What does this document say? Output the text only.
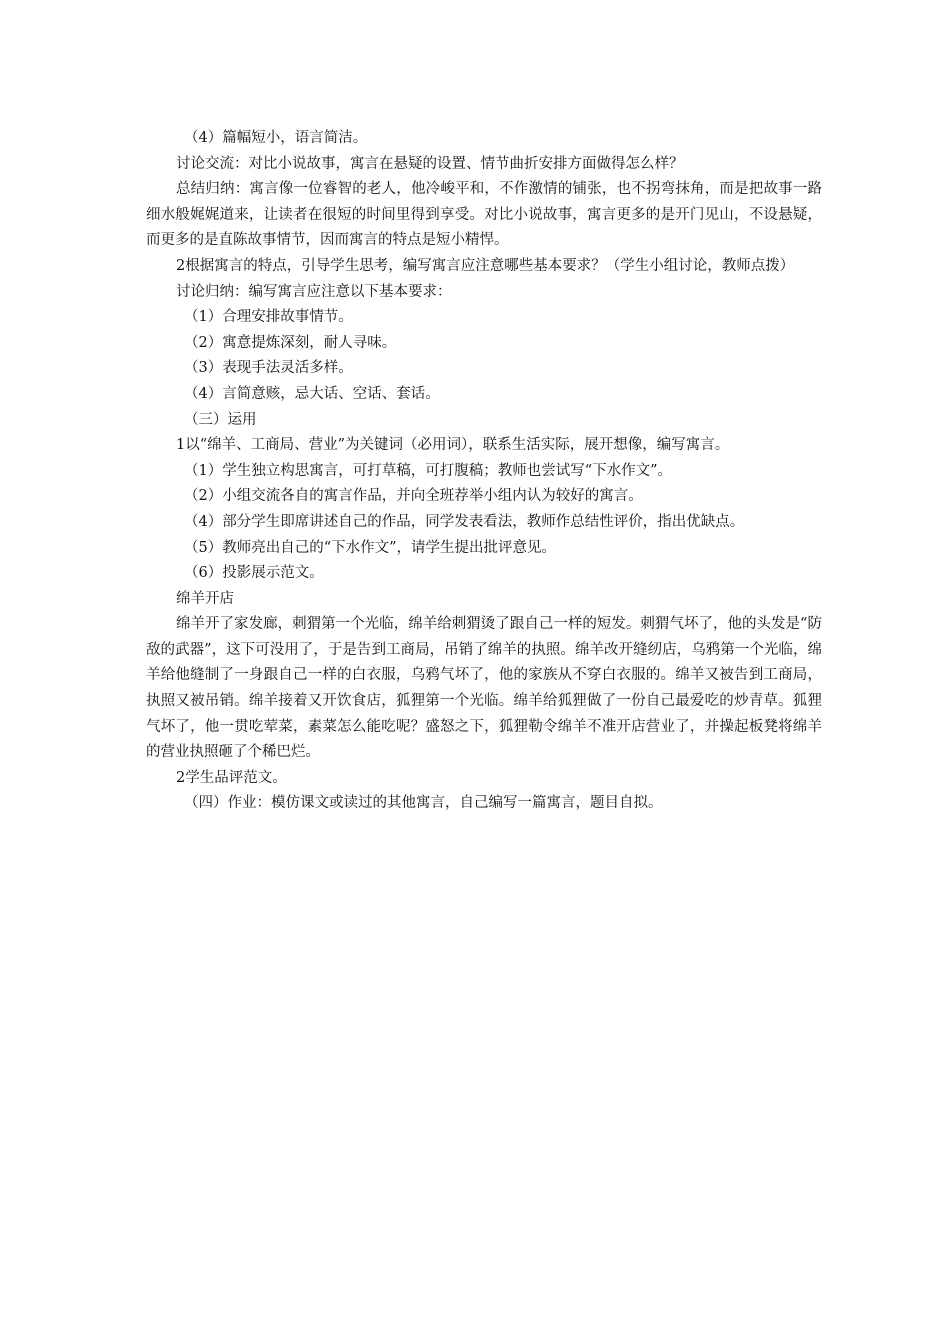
（4）篇幅短小，语言简洁。

讨论交流：对比小说故事，寓言在悬疑的设置、情节曲折安排方面做得怎么样？

总结归纳：寓言像一位睿智的老人，他冷峻平和，不作激情的铺张，也不拐弯抹角，而是把故事一路细水般娓娓道来，让读者在很短的时间里得到享受。对比小说故事，寓言更多的是开门见山，不设悬疑，而更多的是直陈故事情节，因而寓言的特点是短小精悍。

2根据寓言的特点，引导学生思考，编写寓言应注意哪些基本要求？（学生小组讨论，教师点拨）

讨论归纳：编写寓言应注意以下基本要求：

（1）合理安排故事情节。

（2）寓意提炼深刻，耐人寻味。

（3）表现手法灵活多样。

（4）言简意赅，忌大话、空话、套话。

（三）运用

1以“绵羊、工商局、营业”为关键词（必用词），联系生活实际，展开想像，编写寓言。

（1）学生独立构思寓言，可打草稿，可打腹稿；教师也尝试写“下水作文”。

（2）小组交流各自的寓言作品，并向全班荐举小组内认为较好的寓言。

（4）部分学生即席讲述自己的作品，同学发表看法，教师作总结性评价，指出优缺点。

（5）教师亮出自己的“下水作文”，请学生提出批评意见。

（6）投影展示范文。

绵羊开店

绵羊开了家发廊，刺猬第一个光临，绵羊给刺猬烫了跟自己一样的短发。刺猬气坏了，他的头发是“防敌的武器”，这下可没用了，于是告到工商局，吊销了绵羊的执照。绵羊改开缝纫店，乌鸦第一个光临，绵羊给他缝制了一身跟自己一样的白衣服，乌鸦气坏了，他的家族从不穿白衣服的。绵羊又被告到工商局，执照又被吊销。绵羊接着又开饮食店，狐狸第一个光临。绵羊给狐狸做了一份自己最爱吃的炒青草。狐狸气坏了，他一贯吃荤菜，素菜怎么能吃呢？盛怒之下，狐狸勒令绵羊不准开店营业了，并操起板凳将绵羊的营业执照砸了个稀巴烂。

2学生品评范文。

（四）作业：模仿课文或读过的其他寓言，自己编写一篇寓言，题目自拟。
